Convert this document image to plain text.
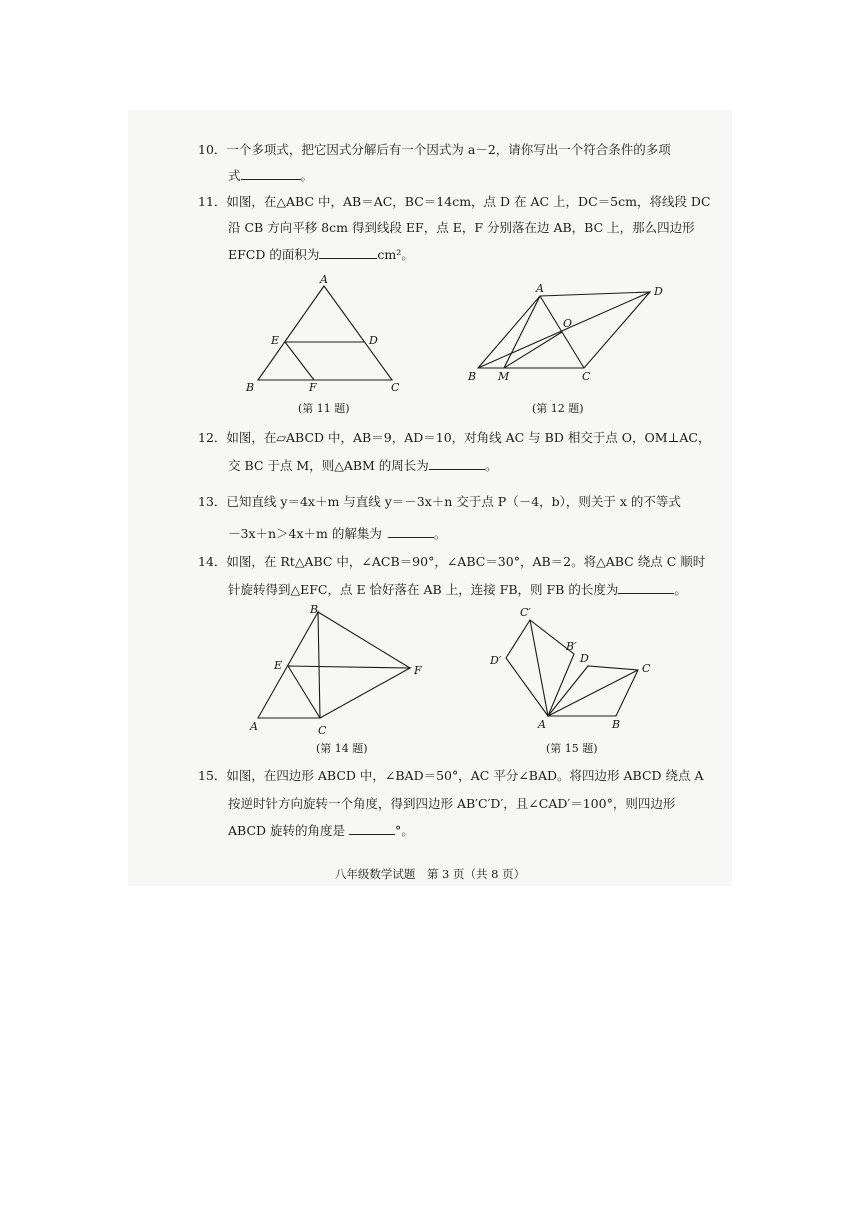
10．一个多项式，把它因式分解后有一个因式为 a－2，请你写出一个符合条件的多项
式	。
11．如图，在△ABC 中，AB＝AC，BC＝14cm，点 D 在 AC 上，DC＝5cm，将线段 DC
沿 CB 方向平移 8cm 得到线段 EF，点 E，F 分别落在边 AB，BC 上，那么四边形
EFCD 的面积为	cm²。
A
B	C
D
E
F
(第 11 题)
A
B	C
D
O
M
(第 12 题)
12．如图，在▱ABCD 中，AB＝9，AD＝10，对角线 AC 与 BD 相交于点 O，OM⊥AC，
交 BC 于点 M，则△ABM 的周长为	。
13．已知直线 y＝4x＋m 与直线 y＝－3x＋n 交于点 P（－4，b），则关于 x 的不等式
－3x＋n＞4x＋m 的解集为	。
14．如图，在 Rt△ABC 中，∠ACB＝90°，∠ABC＝30°，AB＝2。将△ABC 绕点 C 顺时
针旋转得到△EFC，点 E 恰好落在 AB 上，连接 FB，则 FB 的长度为	。
B
A	C
E	F
(第 14 题)
C′
B′
D′	D
C
B
A
(第 15 题)
15．如图，在四边形 ABCD 中，∠BAD＝50°，AC 平分∠BAD。将四边形 ABCD 绕点 A
按逆时针方向旋转一个角度，得到四边形 AB′C′D′，且∠CAD′＝100°，则四边形
ABCD 旋转的角度是	°。
八年级数学试题　第 3 页（共 8 页）
